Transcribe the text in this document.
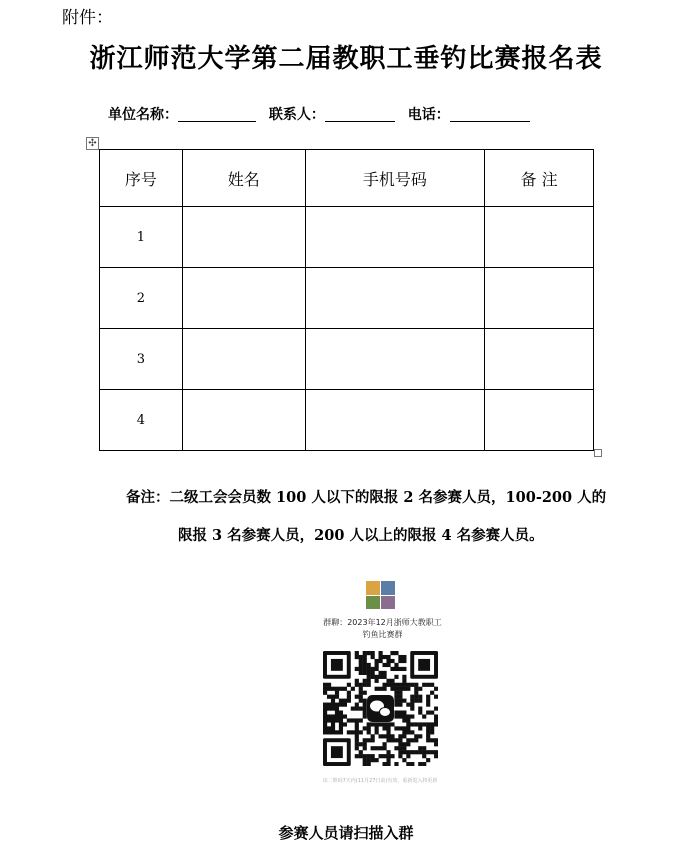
附件：
浙江师范大学第二届教职工垂钓比赛报名表
单位名称：	联系人：	电话：
✣
序号	姓名	手机号码	备 注
1			
2			
3			
4			
备注：二级工会会员数 100 人以下的限报 2 名参赛人员，100-200 人的
限报 3 名参赛人员，200 人以上的限报 4 名参赛人员。
群聊：2023年12月浙师大教职工
钓鱼比赛群
该二维码7天内(11月27日前)有效，重新进入将更新
参赛人员请扫描入群
